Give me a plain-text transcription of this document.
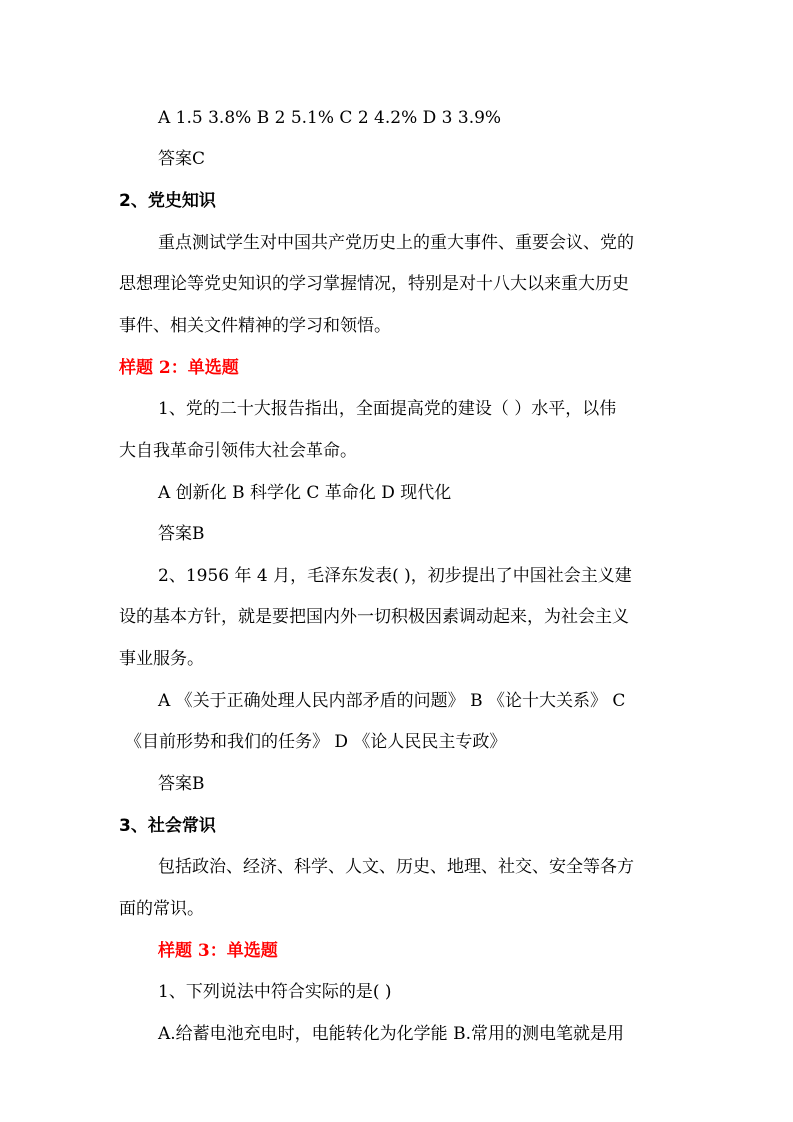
A 1.5 3.8% B 2 5.1% C 2 4.2% D 3 3.9%
答案C
2、党史知识
重点测试学生对中国共产党历史上的重大事件、重要会议、党的
思想理论等党史知识的学习掌握情况，特别是对十八大以来重大历史
事件、相关文件精神的学习和领悟。
样题 2：单选题
1、党的二十大报告指出，全面提高党的建设（ ）水平，以伟
大自我革命引领伟大社会革命。
A 创新化 B 科学化 C 革命化 D 现代化
答案B
2、1956 年 4 月，毛泽东发表( )，初步提出了中国社会主义建
设的基本方针，就是要把国内外一切积极因素调动起来，为社会主义
事业服务。
A 《关于正确处理人民内部矛盾的问题》 B 《论十大关系》 C
《目前形势和我们的任务》 D 《论人民民主专政》
答案B
3、社会常识
包括政治、经济、科学、人文、历史、地理、社交、安全等各方
面的常识。
样题 3：单选题
1、下列说法中符合实际的是( )
A.给蓄电池充电时，电能转化为化学能 B.常用的测电笔就是用
